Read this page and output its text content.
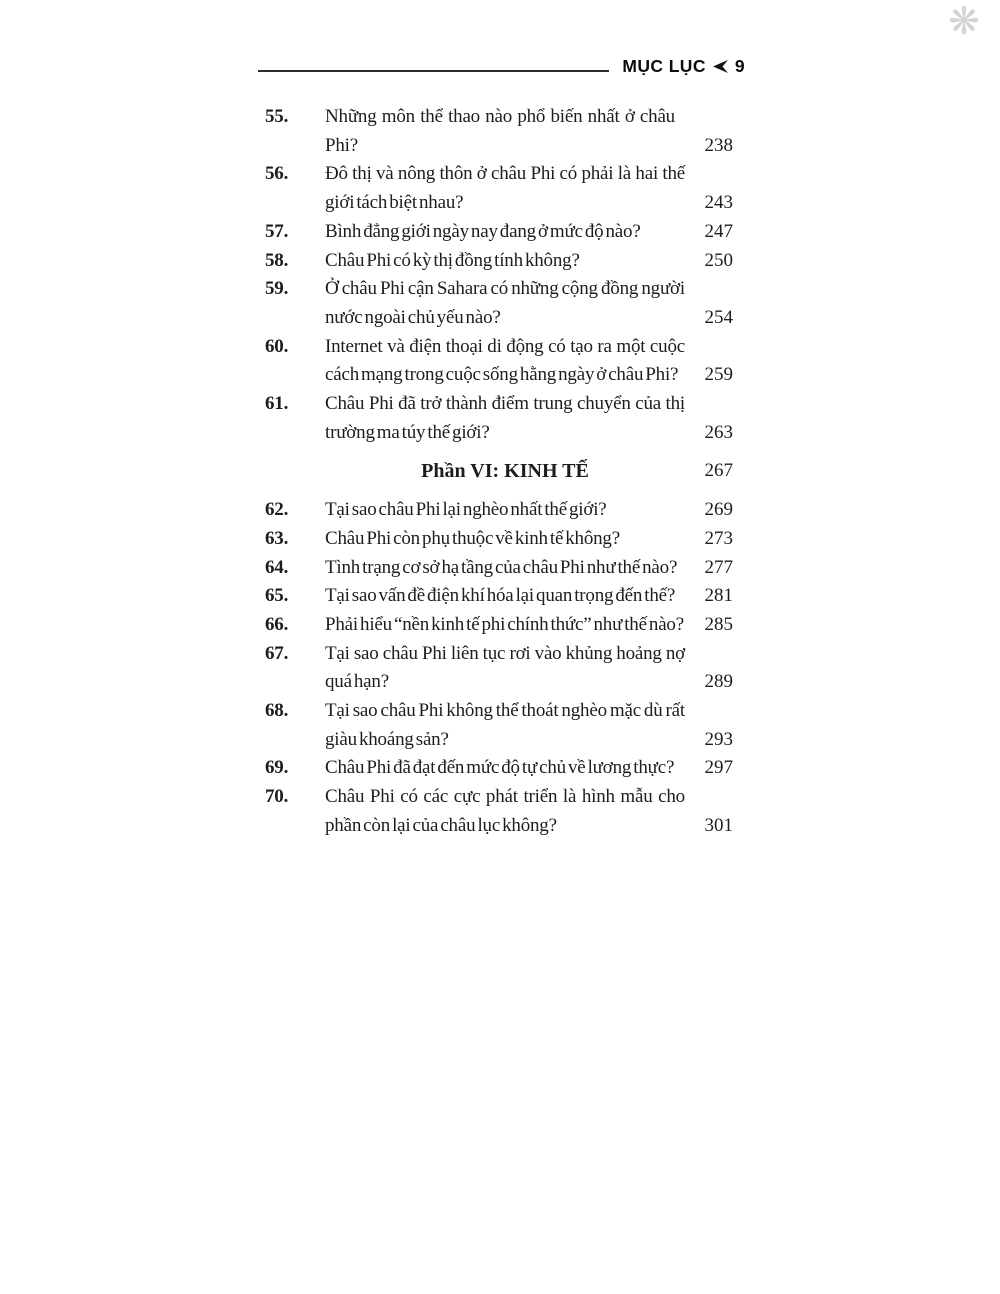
❋
MỤC LỤC 9
55.	Những môn thể thao nào phổ biến nhất ở châu Phi?	238
56.	Đô thị và nông thôn ở châu Phi có phải là hai thế giới tách biệt nhau?	243
57.	Bình đẳng giới ngày nay đang ở mức độ nào?	247
58.	Châu Phi có kỳ thị đồng tính không?	250
59.	Ở châu Phi cận Sahara có những cộng đồng người nước ngoài chủ yếu nào?	254
60.	Internet và điện thoại di động có tạo ra một cuộc cách mạng trong cuộc sống hằng ngày ở châu Phi?	259
61.	Châu Phi đã trở thành điểm trung chuyển của thị trường ma túy thế giới?	263
Phần VI: KINH TẾ	267
62.	Tại sao châu Phi lại nghèo nhất thế giới?	269
63.	Châu Phi còn phụ thuộc về kinh tế không?	273
64.	Tình trạng cơ sở hạ tầng của châu Phi như thế nào?	277
65.	Tại sao vấn đề điện khí hóa lại quan trọng đến thế?	281
66.	Phải hiểu “nền kinh tế phi chính thức” như thế nào?	285
67.	Tại sao châu Phi liên tục rơi vào khủng hoảng nợ quá hạn?	289
68.	Tại sao châu Phi không thể thoát nghèo mặc dù rất giàu khoáng sản?	293
69.	Châu Phi đã đạt đến mức độ tự chủ về lương thực?	297
70.	Châu Phi có các cực phát triển là hình mẫu cho phần còn lại của châu lục không?	301
